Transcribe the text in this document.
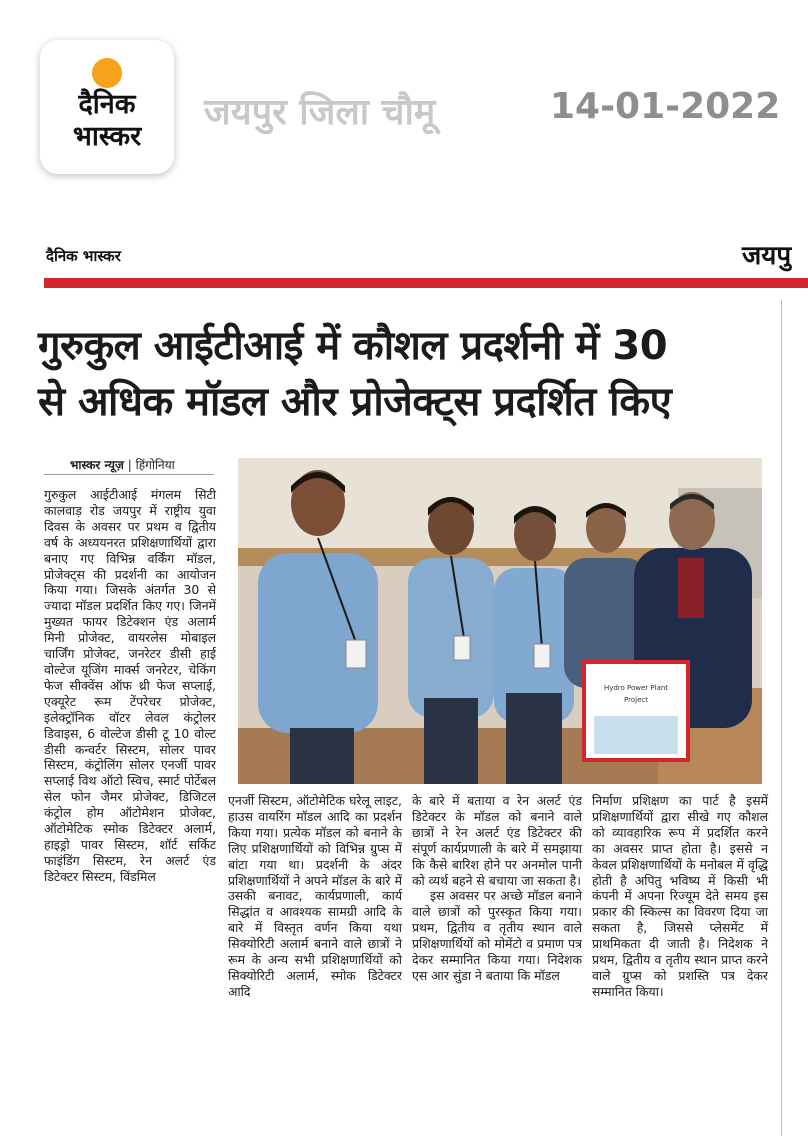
दैनिक
भास्कर
जयपुर जिला चौमू	14-01-2022
दैनिक भास्कर	जयपु
गुरुकुल आईटीआई में कौशल प्रदर्शनी में 30
से अधिक मॉडल और प्रोजेक्ट्स प्रदर्शित किए
भास्कर न्यूज़ | हिंगोनिया
Hydro Power Plant
Project

गुरुकुल आईटीआई मंगलम सिटी कालवाड़ रोड जयपुर में राष्ट्रीय युवा दिवस के अवसर पर प्रथम व द्वितीय वर्ष के अध्ययनरत प्रशिक्षणार्थियों द्वारा बनाए गए विभिन्न वर्किंग मॉडल, प्रोजेक्ट्स की प्रदर्शनी का आयोजन किया गया। जिसके अंतर्गत 30 से ज्यादा मॉडल प्रदर्शित किए गए। जिनमें मुख्यत फायर डिटेक्शन एंड अलार्म मिनी प्रोजेक्ट, वायरलेस मोबाइल चार्जिंग प्रोजेक्ट, जनरेटर डीसी हाई वोल्टेज यूजिंग मार्क्स जनरेटर, चेकिंग फेज सीक्वेंस ऑफ थ्री फेज सप्लाई, एक्यूरेट रूम टेंपरेचर प्रोजेक्ट, इलेक्ट्रॉनिक वॉटर लेवल कंट्रोलर डिवाइस, 6 वोल्टेज डीसी टू 10 वोल्ट डीसी कन्वर्टर सिस्टम, सोलर पावर सिस्टम, कंट्रोलिंग सोलर एनर्जी पावर सप्लाई विथ ऑटो स्विच, स्मार्ट पोर्टेबल सेल फोन जैमर प्रोजेक्ट, डिजिटल कंट्रोल होम ऑटोमेशन प्रोजेक्ट, ऑटोमेटिक स्मोक डिटेक्टर अलार्म, हाइड्रो पावर सिस्टम, शॉर्ट सर्किट फाइंडिंग सिस्टम, रेन अलर्ट एंड डिटेक्टर सिस्टम, विंडमिल

एनर्जी सिस्टम, ऑटोमेटिक घरेलू लाइट, हाउस वायरिंग मॉडल आदि का प्रदर्शन किया गया। प्रत्येक मॉडल को बनाने के लिए प्रशिक्षणार्थियों को विभिन्न ग्रुप्स में बांटा गया था। प्रदर्शनी के अंदर प्रशिक्षणार्थियों ने अपने मॉडल के बारे में उसकी बनावट, कार्यप्रणाली, कार्य सिद्धांत व आवश्यक सामग्री आदि के बारे में विस्तृत वर्णन किया यथा सिक्योरिटी अलार्म बनाने वाले छात्रों ने रूम के अन्य सभी प्रशिक्षणार्थियों को सिक्योरिटी अलार्म, स्मोक डिटेक्टर आदि

के बारे में बताया व रेन अलर्ट एंड डिटेक्टर के मॉडल को बनाने वाले छात्रों ने रेन अलर्ट एंड डिटेक्टर की संपूर्ण कार्यप्रणाली के बारे में समझाया कि कैसे बारिश होने पर अनमोल पानी को व्यर्थ बहने से बचाया जा सकता है।

इस अवसर पर अच्छे मॉडल बनाने वाले छात्रों को पुरस्कृत किया गया। प्रथम, द्वितीय व तृतीय स्थान वाले प्रशिक्षणार्थियों को मोमेंटो व प्रमाण पत्र देकर सम्मानित किया गया। निदेशक एस आर सुंडा ने बताया कि मॉडल

निर्माण प्रशिक्षण का पार्ट है इसमें प्रशिक्षणार्थियों द्वारा सीखे गए कौशल को व्यावहारिक रूप में प्रदर्शित करने का अवसर प्राप्त होता है। इससे न केवल प्रशिक्षणार्थियों के मनोबल में वृद्धि होती है अपितु भविष्य में किसी भी कंपनी में अपना रिज्यूम देते समय इस प्रकार की स्किल्स का विवरण दिया जा सकता है, जिससे प्लेसमेंट में प्राथमिकता दी जाती है। निदेशक ने प्रथम, द्वितीय व तृतीय स्थान प्राप्त करने वाले ग्रुप्स को प्रशस्ति पत्र देकर सम्मानित किया।
